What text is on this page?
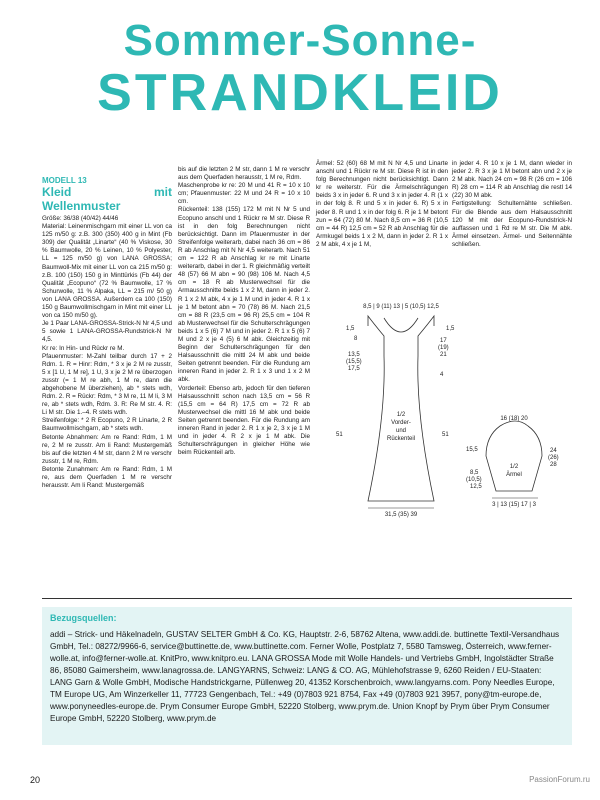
Sommer-Sonne-
STRANDKLEID
MODELL 13
Kleid mit Wellenmuster

Größe: 36/38 (40/42) 44/46

Material: Leinenmischgarn mit einer LL von ca 125 m/50 g: z.B. 300 (350) 400 g in Mint (Fb 309) der Qualität „Linarte“ (40 % Viskose, 30 % Baumwolle, 20 % Leinen, 10 % Polyester, LL = 125 m/50 g) von LANA GROSSA; Baumwoll-Mix mit einer LL von ca 215 m/50 g: z.B. 100 (150) 150 g in Minttürkis (Fb 44) der Qualität „Ecopuno“ (72 % Baumwolle, 17 % Schurwolle, 11 % Alpaka, LL = 215 m/ 50 g) von LANA GROSSA. Außerdem ca 100 (150) 150 g Baumwollmischgarn in Mint mit einer LL von ca 150 m/50 g).

Je 1 Paar LANA-GROSSA-Strick-N Nr 4,5 und 5 sowie 1 LANA-GROSSA-Rundstrick-N Nr 4,5.

Kr re: In Hin- und Rückr re M.

Pfauenmuster: M-Zahl teilbar durch 17 + 2 Rdm. 1. R = Hinr: Rdm, * 3 x je 2 M re zusstr, 5 x [1 U, 1 M re], 1 U, 3 x je 2 M re überzogen zusstr (= 1 M re abh, 1 M re, dann die abgehobene M überziehen), ab * stets wdh, Rdm. 2. R = Rückr: Rdm, * 3 M re, 11 M li, 3 M re, ab * stets wdh, Rdm. 3. R: Re M str. 4. R: Li M str. Die 1.–4. R stets wdh.

Streifenfolge: * 2 R Ecopuno, 2 R Linarte, 2 R Baumwollmischgarn, ab * stets wdh.

Betonte Abnahmen: Am re Rand: Rdm, 1 M re, 2 M re zusstr. Am li Rand: Mustergemäß bis auf die letzten 4 M str, dann 2 M re verschr zusstr, 1 M re, Rdm.

Betonte Zunahmen: Am re Rand: Rdm, 1 M re, aus dem Querfaden 1 M re verschr herausstr. Am li Rand: Mustergemäß

bis auf die letzten 2 M str, dann 1 M re verschr aus dem Querfaden herausstr, 1 M re, Rdm.

Maschenprobe kr re: 20 M und 41 R = 10 x 10 cm; Pfauenmuster: 22 M und 24 R = 10 x 10 cm.

Rückenteil: 138 (155) 172 M mit N Nr 5 und Ecopuno anschl und 1 Rückr re M str. Diese R ist in den folg Berechnungen nicht berücksichtigt. Dann im Pfauenmuster in der Streifenfolge weiterarb, dabei nach 36 cm = 86 R ab Anschlag mit N Nr 4,5 weiterarb. Nach 51 cm = 122 R ab Anschlag kr re mit Linarte weiterarb, dabei in der 1. R gleichmäßig verteilt 48 (57) 66 M abn = 90 (98) 106 M. Nach 4,5 cm = 18 R ab Musterwechsel für die Armausschnitte beids 1 x 2 M, dann in jeder 2. R 1 x 2 M abk, 4 x je 1 M und in jeder 4. R 1 x je 1 M betont abn = 70 (78) 86 M. Nach 21,5 cm = 88 R (23,5 cm = 96 R) 25,5 cm = 104 R ab Musterwechsel für die Schulterschrägungen beids 1 x 5 (6) 7 M und in jeder 2. R 1 x 5 (6) 7 M und 2 x je 4 (5) 6 M abk. Gleichzeitig mit Beginn der Schulterschrägungen für den Halsausschnitt die mittl 24 M abk und beide Seiten getrennt beenden. Für die Rundung am inneren Rand in jeder 2. R 1 x 3 und 1 x 2 M abk.

Vorderteil: Ebenso arb, jedoch für den tieferen Halsausschnitt schon nach 13,5 cm = 56 R (15,5 cm = 64 R) 17,5 cm = 72 R ab Musterwechsel die mittl 16 M abk und beide Seiten getrennt beenden. Für die Rundung am inneren Rand in jeder 2. R 1 x je 2, 3 x je 1 M und in jeder 4. R 2 x je 1 M abk. Die Schulterschrägungen in gleicher Höhe wie beim Rückenteil arb.

Ärmel: 52 (60) 68 M mit N Nr 4,5 und Linarte anschl und 1 Rückr re M str. Diese R ist in den folg Berechnungen nicht berücksichtigt. Dann kr re weiterstr. Für die Ärmelschrägungen beids 3 x in jeder 6. R und 3 x in jeder 4. R (1 x in der folg 8. R und 5 x in jeder 6. R) 5 x in jeder 8. R und 1 x in der folg 6. R je 1 M betont zun = 64 (72) 80 M. Nach 8,5 cm = 36 R (10,5 cm = 44 R) 12,5 cm = 52 R ab Anschlag für die Armkugel beids 1 x 2 M, dann in jeder 2. R 1 x 2 M abk, 4 x je 1 M,

in jeder 4. R 10 x je 1 M, dann wieder in jeder 2. R 3 x je 1 M betont abn und 2 x je 2 M abk. Nach 24 cm = 98 R (26 cm = 106 R) 28 cm = 114 R ab Anschlag die restl 14 (22) 30 M abk.

Fertigstellung: Schulternähte schließen. Für die Blende aus dem Halsausschnitt 120 M mit der Ecopuno-Rundstrick-N auffassen und 1 Rd re M str. Die M abk. Ärmel einsetzen. Ärmel- und Seitennähte schließen.

1/2
Vorder-
und
Rückenteil
8,5 | 9 (11) 13 | 5 (10,5) 12,5
1,5
8
13,5
(15,5)
17,5
1,5
17
(19)
21
4
51	51
31,5 (35) 39
1/2
Ärmel
16 (18) 20
24
(26)
28
15,5
8,5
(10,5)
12,5
3 | 13 (15) 17 | 3
Bezugsquellen:
addi – Strick- und Häkelnadeln, GUSTAV SELTER GmbH & Co. KG, Hauptstr. 2-6, 58762 Altena, www.addi.de. buttinette Textil-Versandhaus GmbH, Tel.: 08272/9966-6, service@buttinette.de, www.buttinette.com. Ferner Wolle, Postplatz 7, 5580 Tamsweg, Österreich, www.ferner-wolle.at, info@ferner-wolle.at. KnitPro, www.knitpro.eu. LANA GROSSA Mode mit Wolle Handels- und Vertriebs GmbH, Ingolstädter Straße 86, 85080 Gaimersheim, www.lanagrossa.de. LANGYARNS, Schweiz: LANG & CO. AG, Mühlehofstrasse 9, 6260 Reiden / EU-Staaten: LANG Garn & Wolle GmbH, Modische Handstrickgarne, Püllenweg 20, 41352 Korschenbroich, www.langyarns.com. Pony Needles Europe, TM Europe UG, Am Winzerkeller 11, 77723 Gengenbach, Tel.: +49 (0)7803 921 8754, Fax +49 (0)7803 921 3957, pony@tm-europe.de, www.ponyneedles-europe.de. Prym Consumer Europe GmbH, 52220 Stolberg, www.prym.de. Union Knopf by Prym über Prym Consumer Europe GmbH, 52220 Stolberg, www.prym.de
20	PassionForum.ru
